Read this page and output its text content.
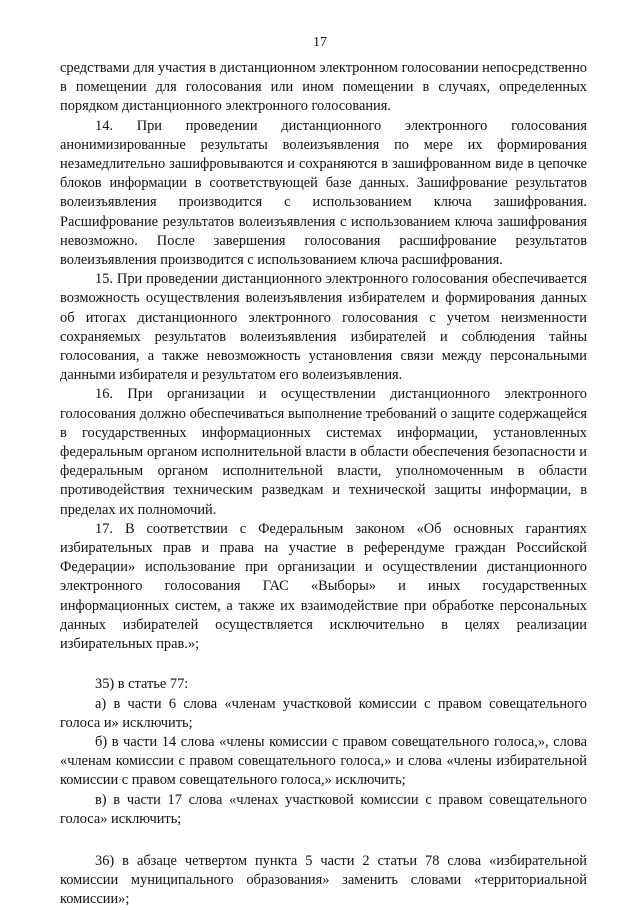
17

средствами для участия в дистанционном электронном голосовании непосредственно в помещении для голосования или ином помещении в случаях, определенных порядком дистанционного электронного голосования.

14. При проведении дистанционного электронного голосования анонимизированные результаты волеизъявления по мере их формирования незамедлительно зашифровываются и сохраняются в зашифрованном виде в цепочке блоков информации в соответствующей базе данных. Зашифрование результатов волеизъявления производится с использованием ключа зашифрования. Расшифрование результатов волеизъявления с использованием ключа зашифрования невозможно. После завершения голосования расшифрование результатов волеизъявления производится с использованием ключа расшифрования.

15. При проведении дистанционного электронного голосования обеспечивается возможность осуществления волеизъявления избирателем и формирования данных об итогах дистанционного электронного голосования с учетом неизменности сохраняемых результатов волеизъявления избирателей и соблюдения тайны голосования, а также невозможность установления связи между персональными данными избирателя и результатом его волеизъявления.

16. При организации и осуществлении дистанционного электронного голосования должно обеспечиваться выполнение требований о защите содержащейся в государственных информационных системах информации, установленных федеральным органом исполнительной власти в области обеспечения безопасности и федеральным органом исполнительной власти, уполномоченным в области противодействия техническим разведкам и технической защиты информации, в пределах их полномочий.

17. В соответствии с Федеральным законом «Об основных гарантиях избирательных прав и права на участие в референдуме граждан Российской Федерации» использование при организации и осуществлении дистанционного электронного голосования ГАС «Выборы» и иных государственных информационных систем, а также их взаимодействие при обработке персональных данных избирателей осуществляется исключительно в целях реализации избирательных прав.»;

35) в статье 77:

а) в части 6 слова «членам участковой комиссии с правом совещательного голоса и» исключить;

б) в части 14 слова «члены комиссии с правом совещательного голоса,», слова «членам комиссии с правом совещательного голоса,» и слова «члены избирательной комиссии с правом совещательного голоса,» исключить;

в) в части 17 слова «членах участковой комиссии с правом совещательного голоса» исключить;

36) в абзаце четвертом пункта 5 части 2 статьи 78 слова «избирательной комиссии муниципального образования» заменить словами «территориальной комиссии»;
